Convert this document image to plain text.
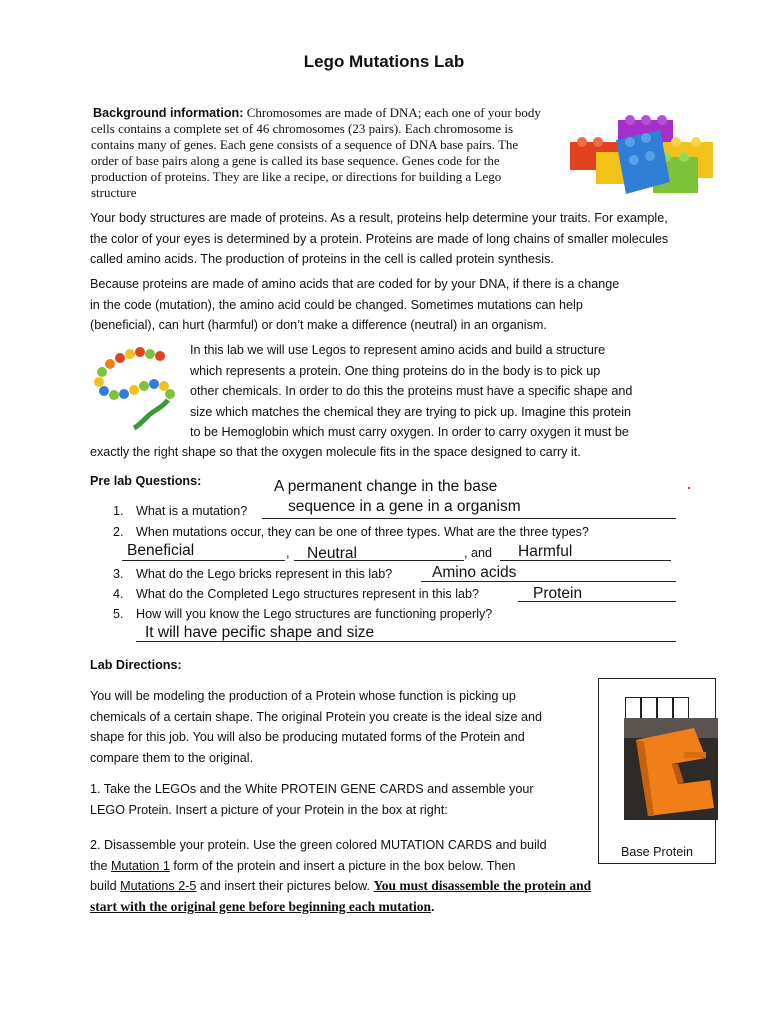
Lego Mutations Lab
Background information: Chromosomes are made of DNA; each one of your body
cells contains a complete set of 46 chromosomes (23 pairs). Each chromosome is
contains many of genes. Each gene consists of a sequence of DNA base pairs. The
order of base pairs along a gene is called its base sequence. Genes code for the
production of proteins. They are like a recipe, or directions for building a Lego
structure
Your body structures are made of proteins. As a result, proteins help determine your traits. For example,
the color of your eyes is determined by a protein. Proteins are made of long chains of smaller molecules
called amino acids. The production of proteins in the cell is called protein synthesis.
Because proteins are made of amino acids that are coded for by your DNA, if there is a change
in the code (mutation), the amino acid could be changed. Sometimes mutations can help
(beneficial), can hurt (harmful) or don’t make a difference (neutral) in an organism.
In this lab we will use Legos to represent amino acids and build a structure
which represents a protein. One thing proteins do in the body is to pick up
other chemicals. In order to do this the proteins must have a specific shape and
size which matches the chemical they are trying to pick up. Imagine this protein
to be Hemoglobin which must carry oxygen. In order to carry oxygen it must be
exactly the right shape so that the oxygen molecule fits in the space designed to carry it.
Pre lab Questions:	A permanent change in the base
1. What is a mutation?	sequence in a gene in a organism
2. When mutations occur, they can be one of three types. What are the three types?
Beneficial	, Neutral	, and Harmful
3. What do the Lego bricks represent in this lab?	Amino acids
4. What do the Completed Lego structures represent in this lab?	Protein
5. How will you know the Lego structures are functioning properly?
It will have pecific shape and size
Lab Directions:
You will be modeling the production of a Protein whose function is picking up
chemicals of a certain shape. The original Protein you create is the ideal size and
shape for this job. You will also be producing mutated forms of the Protein and
compare them to the original.
1. Take the LEGOs and the White PROTEIN GENE CARDS and assemble your
LEGO Protein. Insert a picture of your Protein in the box at right:
2. Disassemble your protein. Use the green colored MUTATION CARDS and build
the Mutation 1 form of the protein and insert a picture in the box below. Then
build Mutations 2-5 and insert their pictures below. You must disassemble the protein and
start with the original gene before beginning each mutation.
Base Protein
